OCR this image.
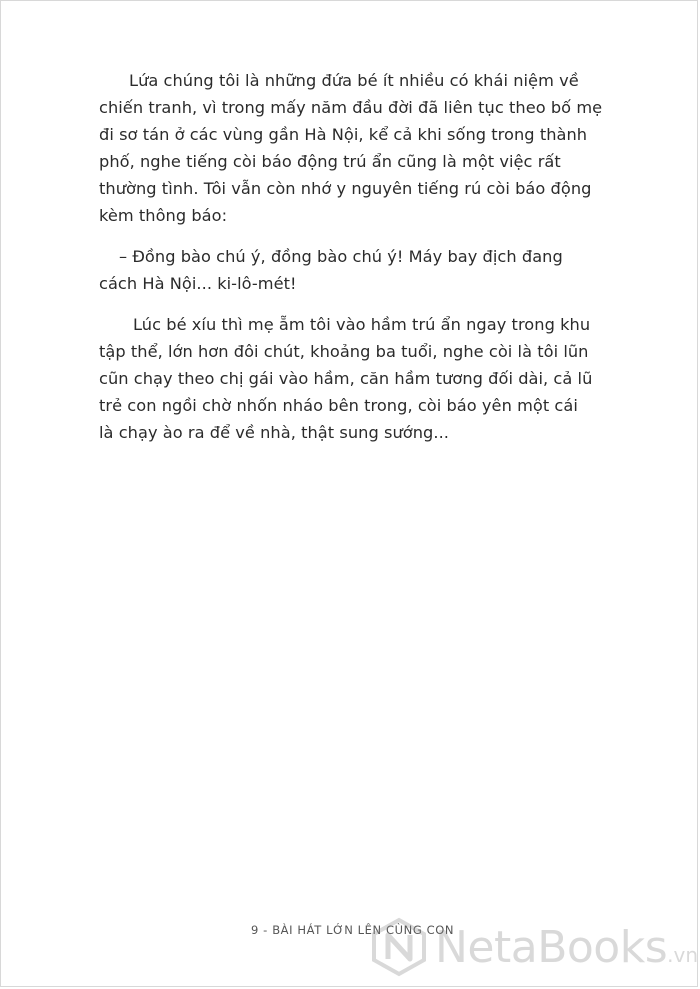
Lứa chúng tôi là những đứa bé ít nhiều có khái niệm về
chiến tranh, vì trong mấy năm đầu đời đã liên tục theo bố mẹ
đi sơ tán ở các vùng gần Hà Nội, kể cả khi sống trong thành
phố, nghe tiếng còi báo động trú ẩn cũng là một việc rất
thường tình. Tôi vẫn còn nhớ y nguyên tiếng rú còi báo động
kèm thông báo:

– Đồng bào chú ý, đồng bào chú ý! Máy bay địch đang
cách Hà Nội... ki-lô-mét!

Lúc bé xíu thì mẹ ẵm tôi vào hầm trú ẩn ngay trong khu
tập thể, lớn hơn đôi chút, khoảng ba tuổi, nghe còi là tôi lũn
cũn chạy theo chị gái vào hầm, căn hầm tương đối dài, cả lũ
trẻ con ngồi chờ nhốn nháo bên trong, còi báo yên một cái
là chạy ào ra để về nhà, thật sung sướng...

9 - BÀI HÁT LỚN LÊN CÙNG CON
NetaBooks.vn
